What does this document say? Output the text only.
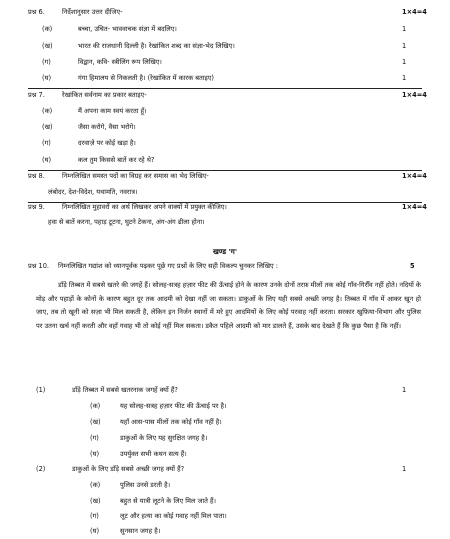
प्रश्न 6.	निर्देशानुसार उत्तर दीजिए-	1×4=4
(क)	बच्चा, उचित- भाववाचक संज्ञा में बदलिए।	1
(ख)	भारत की राजधानी दिल्ली है। रेखांकित शब्द का संज्ञा-भेद लिखिए।	1
(ग)	विद्वान, कवि- स्त्रीलिंग रूप लिखिए।	1
(घ)	गंगा हिमालय से निकलती है। (रेखांकित में कारक बताइए)	1
प्रश्न 7.	रेखांकित सर्वनाम का प्रकार बताइए-	1×4=4
(क)	मैं अपना काम स्वयं करता हूँ।
(ख)	जैसा करोगे, वैसा भरोगे।
(ग)	दरवाज़े पर कोई खड़ा है।
(घ)	कल तुम किससे बातें कर रहे थे?
प्रश्न 8.	निम्नलिखित समस्त पदों का विग्रह कर समास का भेद लिखिए-	1×4=4
लंबोदर, देश-विदेश, यथामति, नवरात्र।
प्रश्न 9.	निम्नलिखित मुहावरों का अर्थ लिखकर अपने वाक्यों में प्रयुक्त कीजिए।	1×4=4
हवा से बातें करना, पहाड़ टूटना, घुटने टेकना, अंग-अंग ढीला होना।
खण्ड 'ग'
प्रश्न 10. निम्नलिखित गद्यांश को ध्यानपूर्वक पढ़कर पूछे गए प्रश्नों के लिए सही विकल्प चुनकर लिखिए :	5
डाँड़े तिब्बत में सबसे खतरे की जगहें हैं। सोलह-सत्रह हज़ार फीट की ऊँचाई होने के कारण उनके दोनों तरफ़ मीलों तक कोई गाँव-गिरौँव नहीं होते। नदियों के मोड़ और पहाड़ों के कोनों के कारण बहुत दूर तक आदमी को देखा नहीं जा सकता। डाकुओं के लिए यही सबसे अच्छी जगह है। तिब्बत में गाँव में आकर खून हो जाए, तब तो खूनी को सज़ा भी मिल सकती है, लेकिन इन निर्जन स्थानों में मरे हुए आदमियों के लिए कोई परवाह नहीं करता। सरकार खुफ़िया-विभाग और पुलिस पर उतना खर्च नहीं करती और वहाँ गवाह भी तो कोई नहीं मिल सकता। डकैत पहिले आदमी को मार डालते हैं, उसके बाद देखते हैं कि कुछ पैसा है कि नहीं।
(1)	डाँड़े तिब्बत में सबसे खतरनाक जगहें क्यों हैं?	1
(क)	यह सोलह-सत्रह हज़ार फीट की ऊँचाई पर है।
(ख)	यहाँ आस-पास मीलों तक कोई गाँव नहीं है।
(ग)	डाकुओं के लिए यह सुरक्षित जगह है।
(घ)	उपर्युक्त सभी कथन सत्य हैं।
(2)	डाकुओं के लिए डाँड़े सबसे अच्छी जगह क्यों हैं?	1
(क)	पुलिस उनसे डरती है।
(ख)	बहुत से यात्री लूटने के लिए मिल जाते हैं।
(ग)	लूट और हत्या का कोई गवाह नहीं मिल पाता।
(घ)	सुनसान जगह है।
